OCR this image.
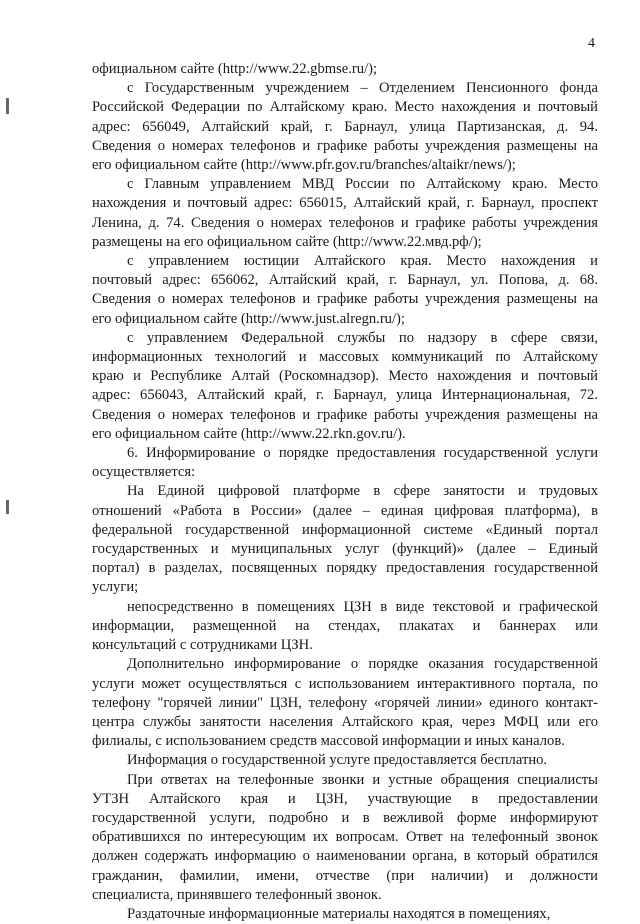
4
официальном сайте (http://www.22.gbmse.ru/);
с Государственным учреждением – Отделением Пенсионного фонда
Российской Федерации по Алтайскому краю. Место нахождения и почтовый
адрес: 656049, Алтайский край, г. Барнаул, улица Партизанская, д. 94.
Сведения о номерах телефонов и графике работы учреждения размещены на
его официальном сайте (http://www.pfr.gov.ru/branches/altaikr/news/);
с Главным управлением МВД России по Алтайскому краю. Место
нахождения и почтовый адрес: 656015, Алтайский край, г. Барнаул, проспект
Ленина, д. 74. Сведения о номерах телефонов и графике работы учреждения
размещены на его официальном сайте (http://www.22.мвд.рф/);
с управлением юстиции Алтайского края. Место нахождения и
почтовый адрес: 656062, Алтайский край, г. Барнаул, ул. Попова, д. 68.
Сведения о номерах телефонов и графике работы учреждения размещены на
его официальном сайте (http://www.just.alregn.ru/);
с управлением Федеральной службы по надзору в сфере связи,
информационных технологий и массовых коммуникаций по Алтайскому
краю и Республике Алтай (Роскомнадзор). Место нахождения и почтовый
адрес: 656043, Алтайский край, г. Барнаул, улица Интернациональная, 72.
Сведения о номерах телефонов и графике работы учреждения размещены на
его официальном сайте (http://www.22.rkn.gov.ru/).
6. Информирование о порядке предоставления государственной услуги
осуществляется:
На Единой цифровой платформе в сфере занятости и трудовых
отношений «Работа в России» (далее – единая цифровая платформа), в
федеральной государственной информационной системе «Единый портал
государственных и муниципальных услуг (функций)» (далее – Единый
портал) в разделах, посвященных порядку предоставления государственной
услуги;
непосредственно в помещениях ЦЗН в виде текстовой и графической
информации, размещенной на стендах, плакатах и баннерах или
консультаций с сотрудниками ЦЗН.
Дополнительно информирование о порядке оказания государственной
услуги может осуществляться с использованием интерактивного портала, по
телефону "горячей линии" ЦЗН, телефону «горячей линии» единого контакт-
центра службы занятости населения Алтайского края, через МФЦ или его
филиалы, с использованием средств массовой информации и иных каналов.
Информация о государственной услуге предоставляется бесплатно.
При ответах на телефонные звонки и устные обращения специалисты
УТЗН Алтайского края и ЦЗН, участвующие в предоставлении
государственной услуги, подробно и в вежливой форме информируют
обратившихся по интересующим их вопросам. Ответ на телефонный звонок
должен содержать информацию о наименовании органа, в который обратился
гражданин, фамилии, имени, отчестве (при наличии) и должности
специалиста, принявшего телефонный звонок.
Раздаточные информационные материалы находятся в помещениях,
